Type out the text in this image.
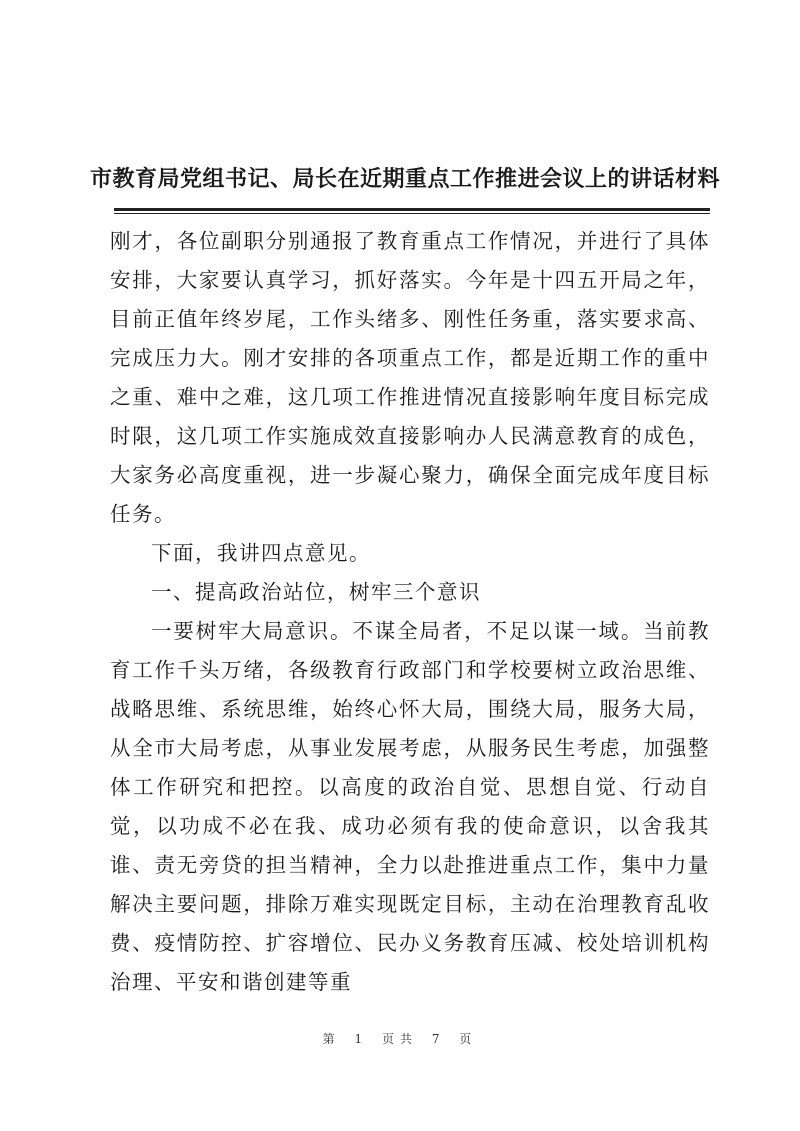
市教育局党组书记、局长在近期重点工作推进会议上的讲话材料

刚才，各位副职分别通报了教育重点工作情况，并进行了具体安排，大家要认真学习，抓好落实。今年是十四五开局之年，目前正值年终岁尾，工作头绪多、刚性任务重，落实要求高、完成压力大。刚才安排的各项重点工作，都是近期工作的重中之重、难中之难，这几项工作推进情况直接影响年度目标完成时限，这几项工作实施成效直接影响办人民满意教育的成色，大家务必高度重视，进一步凝心聚力，确保全面完成年度目标任务。

下面，我讲四点意见。

一、提高政治站位，树牢三个意识

一要树牢大局意识。不谋全局者，不足以谋一域。当前教育工作千头万绪，各级教育行政部门和学校要树立政治思维、战略思维、系统思维，始终心怀大局，围绕大局，服务大局，从全市大局考虑，从事业发展考虑，从服务民生考虑，加强整体工作研究和把控。以高度的政治自觉、思想自觉、行动自觉，以功成不必在我、成功必须有我的使命意识，以舍我其谁、责无旁贷的担当精神，全力以赴推进重点工作，集中力量解决主要问题，排除万难实现既定目标，主动在治理教育乱收费、疫情防控、扩容增位、民办义务教育压减、校处培训机构治理、平安和谐创建等重

第 1 页共 7 页
